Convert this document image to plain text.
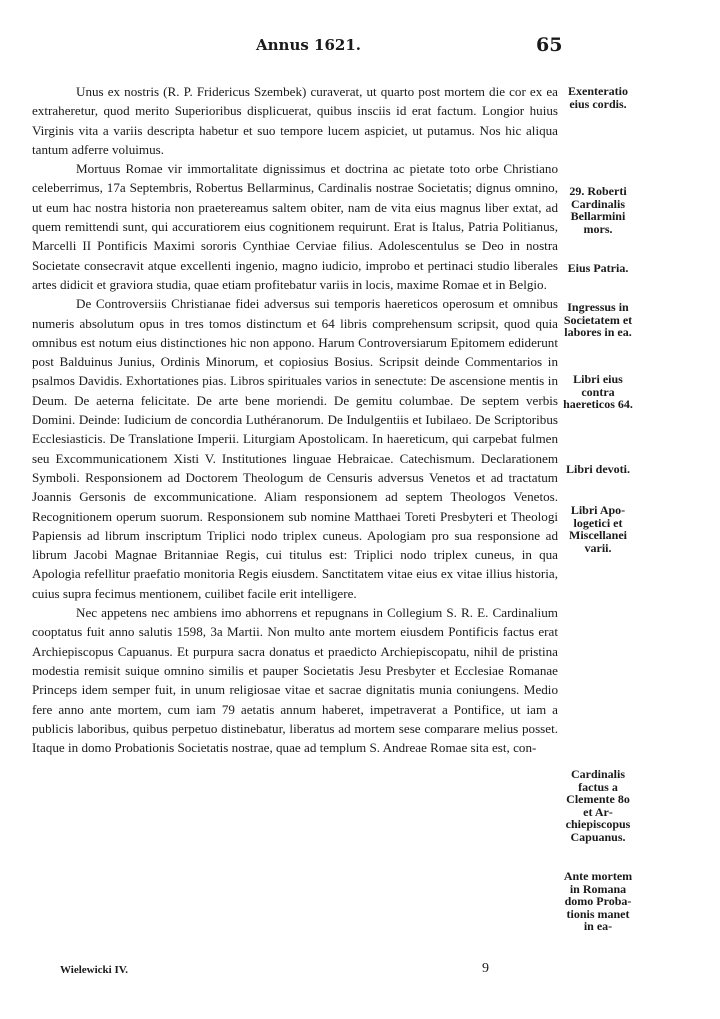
Annus 1621.	65

Unus ex nostris (R. P. Fridericus Szembek) curaverat, ut quarto post mortem die cor ex ea extraheretur, quod merito Superioribus displicuerat, quibus insciis id erat factum. Longior huius Virginis vita a variis descripta habetur et suo tempore lucem aspiciet, ut putamus. Nos hic aliqua tantum adferre voluimus.

Mortuus Romae vir immortalitate dignissimus et doctrina ac pietate toto orbe Christiano celeberrimus, 17a Septembris, Robertus Bellarminus, Cardinalis nostrae Societatis; dignus omnino, ut eum hac nostra historia non praetereamus saltem obiter, nam de vita eius magnus liber extat, ad quem remittendi sunt, qui accuratiorem eius cognitionem requirunt. Erat is Italus, Patria Politianus, Marcelli II Pontificis Maximi sororis Cynthiae Cerviae filius. Adolescentulus se Deo in nostra Societate consecravit atque excellenti ingenio, magno iudicio, improbo et pertinaci studio liberales artes didicit et graviora studia, quae etiam profitebatur variis in locis, maxime Romae et in Belgio.

De Controversiis Christianae fidei adversus sui temporis haereticos operosum et omnibus numeris absolutum opus in tres tomos distinctum et 64 libris comprehensum scripsit, quod quia omnibus est notum eius distinctiones hic non appono. Harum Controversiarum Epitomem ediderunt post Balduinus Junius, Ordinis Minorum, et copiosius Bosius. Scripsit deinde Commentarios in psalmos Davidis. Exhortationes pias. Libros spirituales varios in senectute: De ascensione mentis in Deum. De aeterna felicitate. De arte bene moriendi. De gemitu columbae. De septem verbis Domini. Deinde: Iudicium de concordia Luthéranorum. De Indulgentiis et Iubilaeo. De Scriptoribus Ecclesiasticis. De Translatione Imperii. Liturgiam Apostolicam. In haereticum, qui carpebat fulmen seu Excommunicationem Xisti V. Institutiones linguae Hebraicae. Catechismum. Declarationem Symboli. Responsionem ad Doctorem Theologum de Censuris adversus Venetos et ad tractatum Joannis Gersonis de excommunicatione. Aliam responsionem ad septem Theologos Venetos. Recognitionem operum suorum. Responsionem sub nomine Matthaei Toreti Presbyteri et Theologi Papiensis ad librum inscriptum Triplici nodo triplex cuneus. Apologiam pro sua responsione ad librum Jacobi Magnae Britanniae Regis, cui titulus est: Triplici nodo triplex cuneus, in qua Apologia refellitur praefatio monitoria Regis eiusdem. Sanctitatem vitae eius ex vitae illius historia, cuius supra fecimus mentionem, cuilibet facile erit intelligere.

Nec appetens nec ambiens imo abhorrens et repugnans in Collegium S. R. E. Cardinalium cooptatus fuit anno salutis 1598, 3a Martii. Non multo ante mortem eiusdem Pontificis factus erat Archiepiscopus Capuanus. Et purpura sacra donatus et praedicto Archiepiscopatu, nihil de pristina modestia remisit suique omnino similis et pauper Societatis Jesu Presbyter et Ecclesiae Romanae Princeps idem semper fuit, in unum religiosae vitae et sacrae dignitatis munia coniungens. Medio fere anno ante mortem, cum iam 79 aetatis annum haberet, impetraverat a Pontifice, ut iam a publicis laboribus, quibus perpetuo distinebatur, liberatus ad mortem sese comparare melius posset. Itaque in domo Probationis Societatis nostrae, quae ad templum S. Andreae Romae sita est, con-

Exenteratio eius cordis.
29. Roberti Cardinalis Bellarmini mors.
Eius Patria.
Ingressus in Societatem et labores in ea.
Libri eius contra haereticos 64.
Libri devoti.
Libri Apologetici et Miscellanei varii.
Cardinalis factus a Clemente 8o et Archiepiscopus Capuanus.
Ante mortem in Romana domo Probationis manet in ea-
Wielewicki IV.	9
